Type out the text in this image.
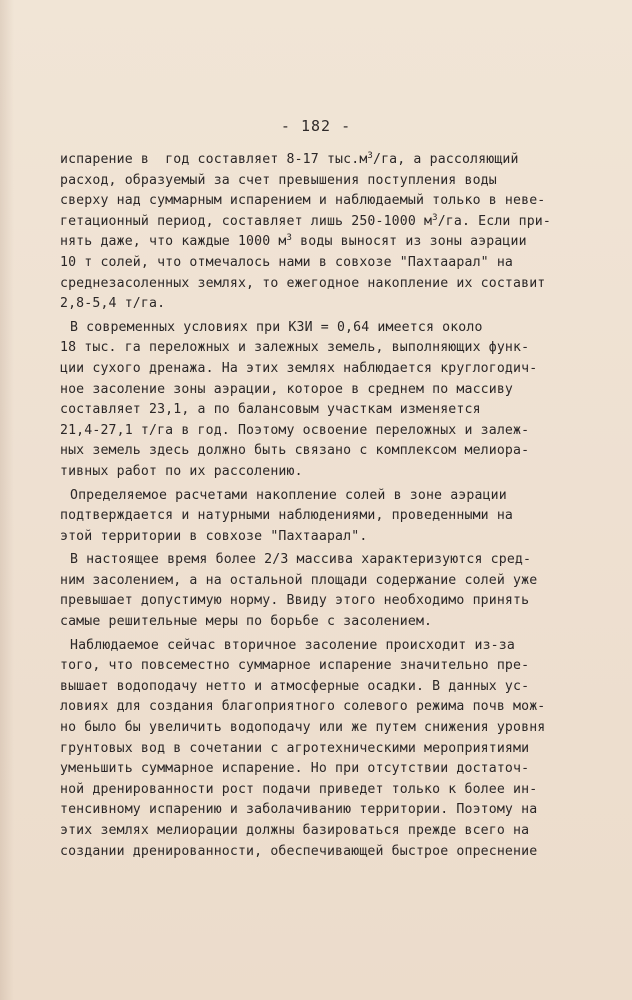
- 182 -
испарение в  год составляет 8-17 $тыс.м^3/га$, а рассоляющий
расход, образуемый за счет превышения поступления воды
сверху над суммарным испарением и наблюдаемый только в неве-
гетационный период, составляет лишь 250-1000 $м^3/га$. Если при-
нять даже, что каждые 1000 $м^3$ воды выносят из зоны аэрации
10 т солей, что отмечалось нами в совхозе "Пахтаарал" на
среднезасоленных землях, то ежегодное накопление их составит
2,8-5,4 т/га.
В современных условиях при КЗИ = 0,64 имеется около
18 тыс. га переложных и залежных земель, выполняющих функ-
ции сухого дренажа. На этих землях наблюдается круглогодич-
ное засоление зоны аэрации, которое в среднем по массиву
составляет 23,1, а по балансовым участкам изменяется
21,4-27,1 т/га в год. Поэтому освоение переложных и залеж-
ных земель здесь должно быть связано с комплексом мелиора-
тивных работ по их рассолению.
Определяемое расчетами накопление солей в зоне аэрации
подтверждается и натурными наблюдениями, проведенными на
этой территории в совхозе "Пахтаарал".
В настоящее время более 2/3 массива характеризуются сред-
ним засолением, а на остальной площади содержание солей уже
превышает допустимую норму. Ввиду этого необходимо принять
самые решительные меры по борьбе с засолением.
Наблюдаемое сейчас вторичное засоление происходит из-за
того, что повсеместно суммарное испарение значительно пре-
вышает водоподачу нетто и атмосферные осадки. В данных ус-
ловиях для создания благоприятного солевого режима почв мож-
но было бы увеличить водоподачу или же путем снижения уровня
грунтовых вод в сочетании с агротехническими мероприятиями
уменьшить суммарное испарение. Но при отсутствии достаточ-
ной дренированности рост подачи приведет только к более ин-
тенсивному испарению и заболачиванию территории. Поэтому на
этих землях мелиорации должны базироваться прежде всего на
создании дренированности, обеспечивающей быстрое опреснение
